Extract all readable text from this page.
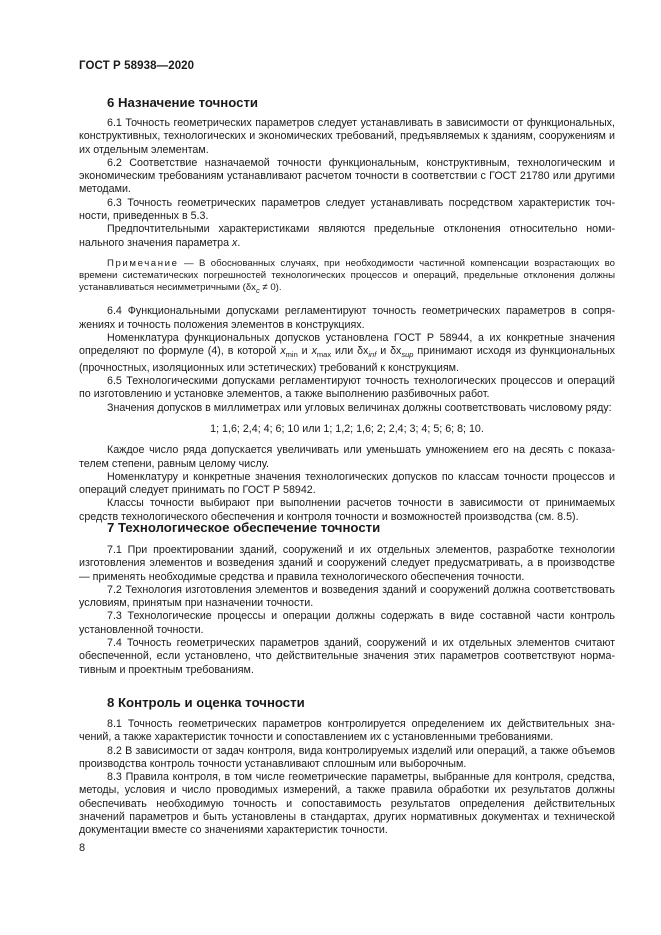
ГОСТ Р 58938—2020
6 Назначение точности

6.1 Точность геометрических параметров следует устанавливать в зависимости от функциональных, конструктивных, технологических и экономических требований, предъявляемых к зданиям, сооружениям и их отдельным элементам.

6.2 Соответствие назначаемой точности функциональным, конструктивным, технологическим и экономическим требованиям устанавливают расчетом точности в соответствии с ГОСТ 21780 или другими методами.

6.3 Точность геометрических параметров следует устанавливать посредством характеристик точности, приведенных в 5.3.

Предпочтительными характеристиками являются предельные отклонения относительно номинального значения параметра x.

Примечание — В обоснованных случаях, при необходимости частичной компенсации возрастающих во времени систематических погрешностей технологических процессов и операций, предельные отклонения должны устанавливаться несимметричными $(\delta x_c \ne 0)$.

6.4 Функциональными допусками регламентируют точность геометрических параметров в сопряжениях и точность положения элементов в конструкциях.

Номенклатура функциональных допусков установлена ГОСТ Р 58944, а их конкретные значения определяют по формуле (4), в которой $x_{min}$ и $x_{max}$ или $\delta x_{inf}$ и $\delta x_{sup}$ принимают исходя из функциональных (прочностных, изоляционных или эстетических) требований к конструкциям.

6.5 Технологическими допусками регламентируют точность технологических процессов и операций по изготовлению и установке элементов, а также выполнению разбивочных работ.

Значения допусков в миллиметрах или угловых величинах должны соответствовать числовому ряду:

1; 1,6; 2,4; 4; 6; 10 или 1; 1,2; 1,6; 2; 2,4; 3; 4; 5; 6; 8; 10.

Каждое число ряда допускается увеличивать или уменьшать умножением его на десять с показателем степени, равным целому числу.

Номенклатуру и конкретные значения технологических допусков по классам точности процессов и операций следует принимать по ГОСТ Р 58942.

Классы точности выбирают при выполнении расчетов точности в зависимости от принимаемых средств технологического обеспечения и контроля точности и возможностей производства (см. 8.5).

7 Технологическое обеспечение точности

7.1 При проектировании зданий, сооружений и их отдельных элементов, разработке технологии изготовления элементов и возведения зданий и сооружений следует предусматривать, а в производстве — применять необходимые средства и правила технологического обеспечения точности.

7.2 Технология изготовления элементов и возведения зданий и сооружений должна соответствовать условиям, принятым при назначении точности.

7.3 Технологические процессы и операции должны содержать в виде составной части контроль установленной точности.

7.4 Точность геометрических параметров зданий, сооружений и их отдельных элементов считают обеспеченной, если установлено, что действительные значения этих параметров соответствуют нормативным и проектным требованиям.

8 Контроль и оценка точности

8.1 Точность геометрических параметров контролируется определением их действительных значений, а также характеристик точности и сопоставлением их с установленными требованиями.

8.2 В зависимости от задач контроля, вида контролируемых изделий или операций, а также объемов производства контроль точности устанавливают сплошным или выборочным.

8.3 Правила контроля, в том числе геометрические параметры, выбранные для контроля, средства, методы, условия и число проводимых измерений, а также правила обработки их результатов должны обеспечивать необходимую точность и сопоставимость результатов определения действительных значений параметров и быть установлены в стандартах, других нормативных документах и технической документации вместе со значениями характеристик точности.

8
